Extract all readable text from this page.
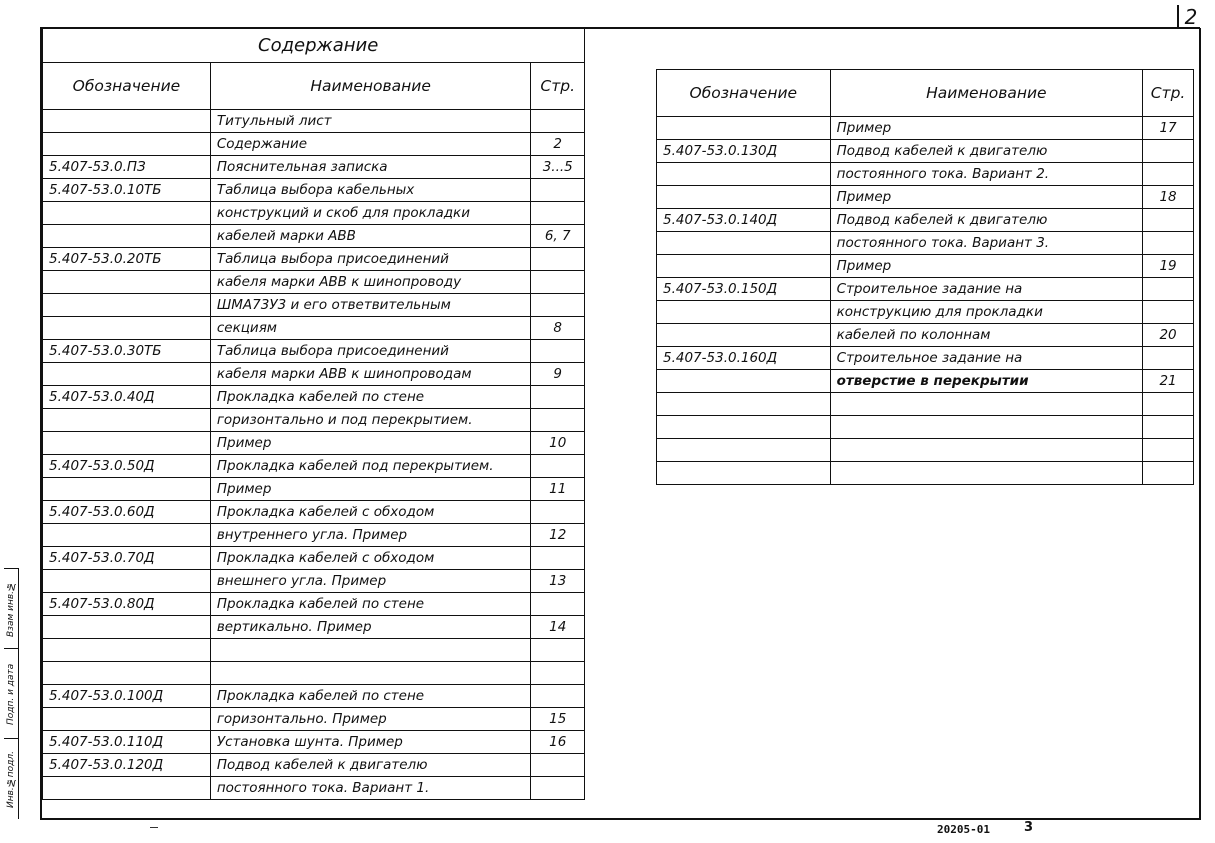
2
Взам инв.№
Подп. и дата
Инв.№подл.
Содержание		
Обозначение	Наименование	Стр.
	Титульный лист	
	Содержание	2
5.407-53.0.ПЗ	Пояснительная записка	3...5
5.407-53.0.10ТБ	Таблица выбора кабельных	
	конструкций и скоб для прокладки	
	кабелей марки АВВ	6, 7
5.407-53.0.20ТБ	Таблица выбора присоединений	
	кабеля марки АВВ к шинопроводу	
	ШМА73У3 и его ответвительным	
	секциям	8
5.407-53.0.30ТБ	Таблица выбора присоединений	
	кабеля марки АВВ к шинопроводам	9
5.407-53.0.40Д	Прокладка кабелей по стене	
	горизонтально и под перекрытием.	
	Пример	10
5.407-53.0.50Д	Прокладка кабелей под перекрытием.	
	Пример	11
5.407-53.0.60Д	Прокладка кабелей с обходом	
	внутреннего угла. Пример	12
5.407-53.0.70Д	Прокладка кабелей с обходом	
	внешнего угла. Пример	13
5.407-53.0.80Д	Прокладка кабелей по стене	
	вертикально. Пример	14

5.407-53.0.100Д	Прокладка кабелей по стене	
	горизонтально. Пример	15
5.407-53.0.110Д	Установка шунта. Пример	16
5.407-53.0.120Д	Подвод кабелей к двигателю	
	постоянного тока. Вариант 1.	
Обозначение	Наименование	Стр.
	Пример	17
5.407-53.0.130Д	Подвод кабелей к двигателю	
	постоянного тока. Вариант 2.	
	Пример	18
5.407-53.0.140Д	Подвод кабелей к двигателю	
	постоянного тока. Вариант 3.	
	Пример	19
5.407-53.0.150Д	Строительное задание на	
	конструкцию для прокладки	
	кабелей по колоннам	20
5.407-53.0.160Д	Строительное задание на	
	отверстие в перекрытии	21

20205-01	3
